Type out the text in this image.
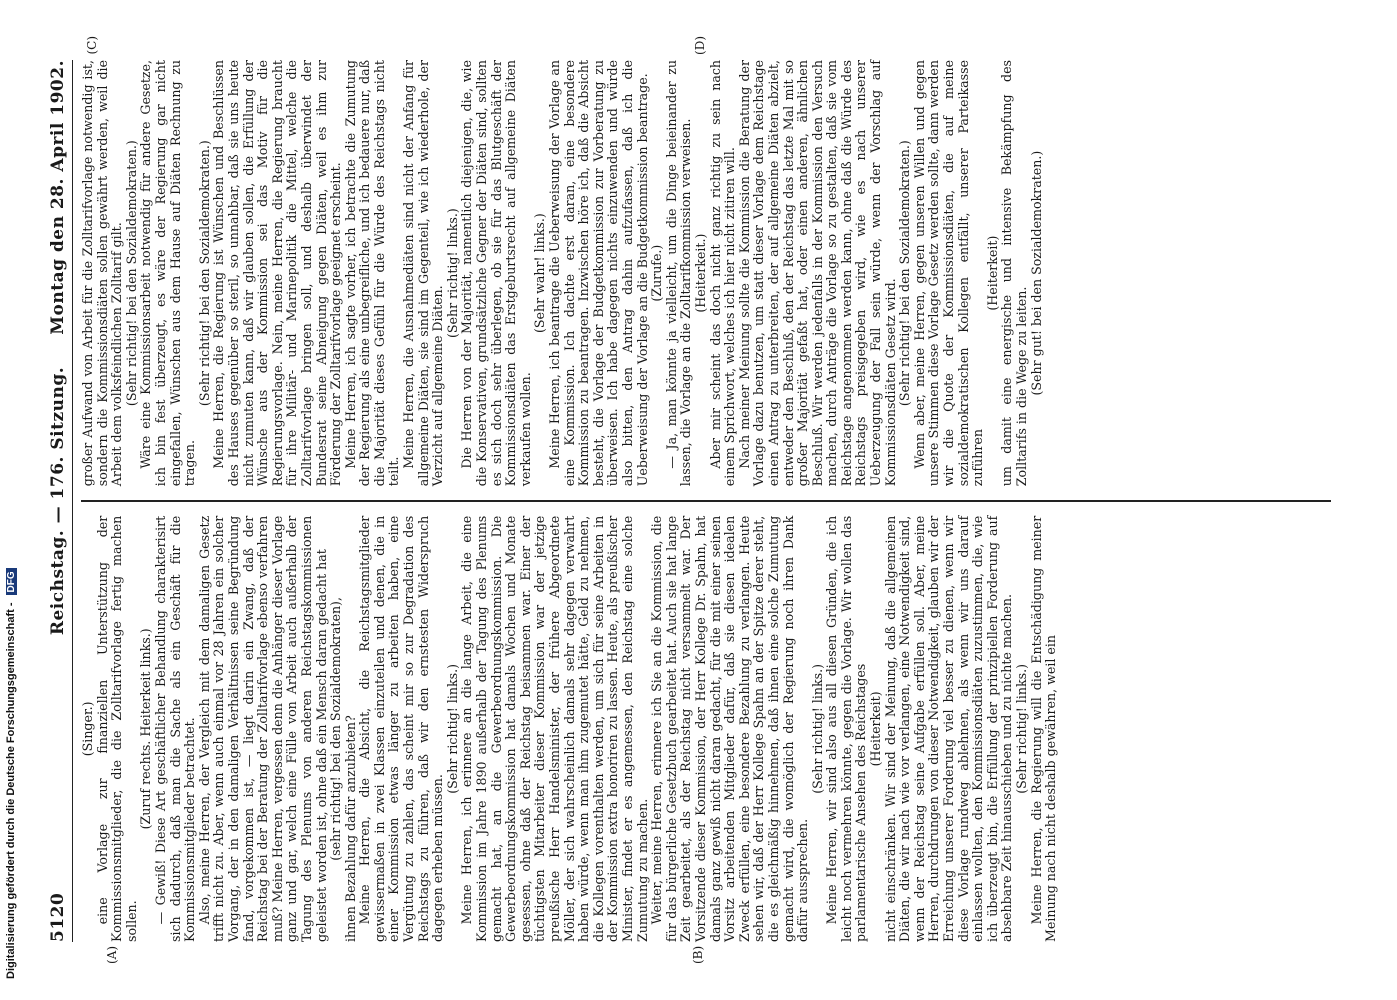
5120
Reichstag. — 176. Sitzung.
Montag den 28. April 1902.
(A)	(B)

(Singer.) eine Vorlage zur finanziellen Unterstützung der Kommissionsmitglieder, die die Zolltarifvorlage fertig machen sollen.

(Zuruf rechts. Heiterkeit links.) — Gewiß! Diese Art geschäftlicher Behandlung charakterisirt sich dadurch, daß man die Sache als ein Geschäft für die Kommissionsmitglieder betrachtet. Also, meine Herren, der Vergleich mit dem damaligen Gesetz trifft nicht zu. Aber, wenn auch einmal vor 28 Jahren ein solcher Vorgang, der in den damaligen Verhältnissen seine Begründung fand, vorgekommen ist, — liegt darin ein Zwang, daß der Reichstag bei der Beratung der Zolltarifvorlage ebenso verfahren muß? Meine Herren, vergessen denn die Anhänger dieser Vorlage ganz und gar, welch eine Fülle von Arbeit auch außerhalb der Tagung des Plenums von anderen Reichstagskommissionen geleistet worden ist, ohne daß ein Mensch daran gedacht hat (sehr richtig! bei den Sozialdemokraten), ihnen Bezahlung dafür anzubieten? Meine Herren, die Absicht, die Reichstagsmitglieder gewissermaßen in zwei Klassen einzuteilen und denen, die in einer Kommission etwas länger zu arbeiten haben, eine Vergütung zu zahlen, das scheint mir so zur Degradation des Reichstags zu führen, daß wir den ernstesten Widerspruch dagegen erheben müssen.

(Sehr richtig! links.) Meine Herren, ich erinnere an die lange Arbeit, die eine Kommission im Jahre 1890 außerhalb der Tagung des Plenums gemacht hat, an die Gewerbeordnungskommission. Die Gewerbeordnungskommission hat damals Wochen und Monate gesessen, ohne daß der Reichstag beisammen war. Einer der tüchtigsten Mitarbeiter dieser Kommission war der jetzige preußische Herr Handelsminister, der frühere Abgeordnete Möller, der sich wahrscheinlich damals sehr dagegen verwahrt haben würde, wenn man ihm zugemutet hätte, Geld zu nehmen, die Kollegen vorenthalten werden, um sich für seine Arbeiten in der Kommission extra honoriren zu lassen. Heute, als preußischer Minister, findet er es angemessen, den Reichstag eine solche Zumutung zu machen. Weiter, meine Herren, erinnere ich Sie an die Kommission, die für das bürgerliche Gesetzbuch gearbeitet hat. Auch sie hat lange Zeit gearbeitet, als der Reichstag nicht versammelt war. Der Vorsitzende dieser Kommission, der Herr Kollege Dr. Spahn, hat damals ganz gewiß nicht daran gedacht, für die mit einer seinen Vorsitz arbeitenden Mitglieder dafür, daß sie diesen idealen Zweck erfüllen, eine besondere Bezahlung zu verlangen. Heute sehen wir, daß der Herr Kollege Spahn an der Spitze derer steht, die es gleichmäßig hinnehmen, daß ihnen eine solche Zumutung gemacht wird, die womöglich der Regierung noch ihren Dank dafür aussprechen.

(Sehr richtig! links.) Meine Herren, wir sind also aus all diesen Gründen, die ich leicht noch vermehren könnte, gegen die Vorlage. Wir wollen das parlamentarische Ansehen des Reichstages (Heiterkeit) nicht einschränken. Wir sind der Meinung, daß die allgemeinen Diäten, die wir nach wie vor verlangen, eine Notwendigkeit sind, wenn der Reichstag seine Aufgabe erfüllen soll. Aber, meine Herren, durchdrungen von dieser Notwendigkeit, glauben wir der Erreichung unserer Forderung viel besser zu dienen, wenn wir diese Vorlage rundweg ablehnen, als wenn wir uns darauf einlassen wollten, den Kommissionsdiäten zuzustimmen, die, wie ich überzeugt bin, die Erfüllung der prinzipiellen Forderung auf absehbare Zeit hinausschieben und zu nichte machen. (Sehr richtig! links.) Meine Herren, die Regierung will die Entschädigung meiner Meinung nach nicht deshalb gewähren, weil ein

(C)	(D)

großer Aufwand von Arbeit für die Zolltarifvorlage notwendig ist, sondern die Kommissionsdiäten sollen gewährt werden, weil die Arbeit dem volksfeindlichen Zolltarif gilt. (Sehr richtig! bei den Sozialdemokraten.) Wäre eine Kommissionsarbeit notwendig für andere Gesetze, ich bin fest überzeugt, es wäre der Regierung gar nicht eingefallen, Wünschen aus dem Hause auf Diäten Rechnung zu tragen.

(Sehr richtig! bei den Sozialdemokraten.) Meine Herren, die Regierung ist Wünschen und Beschlüssen des Hauses gegenüber so steril, so unnahbar, daß sie uns heute nicht zumuten kann, daß wir glauben sollen, die Erfüllung der Wünsche aus der Kommission sei das Motiv für die Regierungsvorlage. Nein, meine Herren, die Regierung braucht für ihre Militär- und Marinepolitik die Mittel, welche die Zolltarifvorlage bringen soll, und deshalb überwindet der Bundesrat seine Abneigung gegen Diäten, weil es ihm zur Förderung der Zolltarifvorlage geeignet erscheint. Meine Herren, ich sagte vorher, ich betrachte die Zumutung der Regierung als eine unbegreifliche, und ich bedauere nur, daß die Majorität dieses Gefühl für die Würde des Reichstags nicht teilt.

Meine Herren, die Ausnahmediäten sind nicht der Anfang für allgemeine Diäten, sie sind im Gegenteil, wie ich wiederhole, der Verzicht auf allgemeine Diäten.

(Sehr richtig! links.) Die Herren von der Majorität, namentlich diejenigen, die, wie die Konservativen, grundsätzliche Gegner der Diäten sind, sollten es sich doch sehr überlegen, ob sie für das Blutgeschäft der Kommissionsdiäten das Erstgeburtsrecht auf allgemeine Diäten verkaufen wollen.

(Sehr wahr! links.) Meine Herren, ich beantrage die Ueberweisung der Vorlage an eine Kommission. Ich dachte erst daran, eine besondere Kommission zu beantragen. Inzwischen höre ich, daß die Absicht besteht, die Vorlage der Budgetkommission zur Vorberatung zu überweisen. Ich habe dagegen nichts einzuwenden und würde also bitten, den Antrag dahin aufzufassen, daß ich die Ueberweisung der Vorlage an die Budgetkommission beantrage. (Zurufe.) — Ja, man könnte ja vielleicht, um die Dinge beieinander zu lassen, die Vorlage an die Zolltarifkommission verweisen. (Heiterkeit.) Aber mir scheint das doch nicht ganz richtig zu sein nach einem Sprichwort, welches ich hier nicht zitiren will. Nach meiner Meinung sollte die Kommission die Beratung der Vorlage dazu benutzen, um statt dieser Vorlage dem Reichstage einen Antrag zu unterbreiten, der auf allgemeine Diäten abzielt, entweder den Beschluß, den der Reichstag das letzte Mal mit so großer Majorität gefaßt hat, oder einen anderen, ähnlichen Beschluß. Wir werden jedenfalls in der Kommission den Versuch machen, durch Anträge die Vorlage so zu gestalten, daß sie vom Reichstage angenommen werden kann, ohne daß die Würde des Reichstags preisgegeben wird, wie es nach unserer Ueberzeugung der Fall sein würde, wenn der Vorschlag auf Kommissionsdiäten Gesetz wird. (Sehr richtig! bei den Sozialdemokraten.) Wenn aber, meine Herren, gegen unseren Willen und gegen unsere Stimmen diese Vorlage Gesetz werden sollte, dann werden wir die Quote der Kommissionsdiäten, die auf meine sozialdemokratischen Kollegen entfällt, unserer Parteikasse zuführen

(Heiterkeit) um damit eine energische und intensive Bekämpfung des Zolltarifs in die Wege zu leiten. (Sehr gut! bei den Sozialdemokraten.)

Digitalisierung gefördert durch die Deutsche Forschungsgemeinschaft - DFG
